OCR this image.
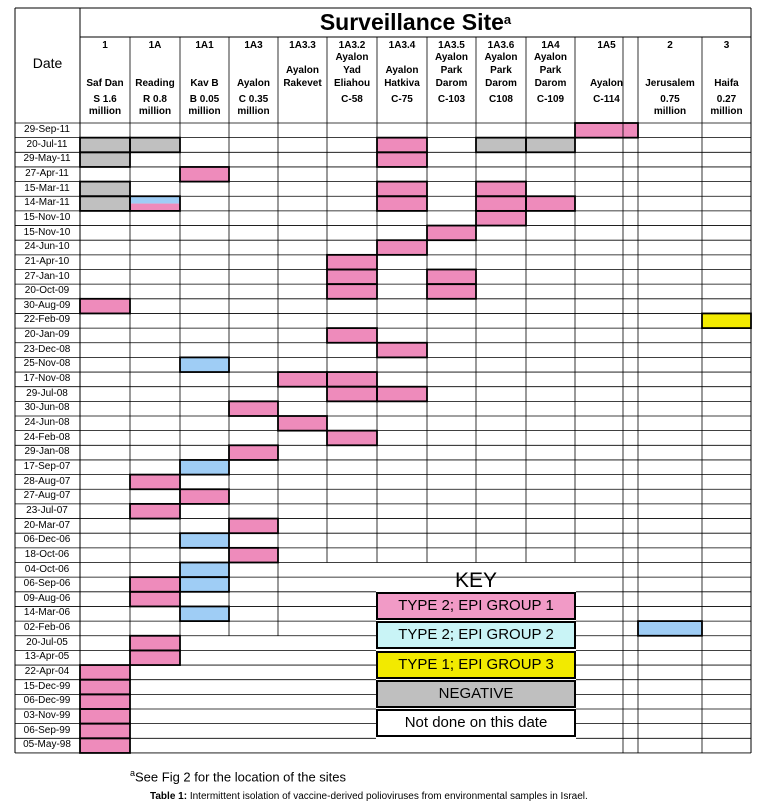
Surveillance Site$^a$
Date
1

Saf Dan
S 1.6
million
1A

Reading
R 0.8
million
1A1

Kav B
B 0.05
million
1A3

Ayalon
C 0.35
million
1A3.3
Ayalon
Rakevet
1A3.2
Ayalon
Yad
Eliahou
C-58
1A3.4
Ayalon
Hatkiva
C-75
1A3.5
Ayalon
Park
Darom
C-103
1A3.6
Ayalon
Park
Darom
C108
1A4
Ayalon
Park
Darom
C-109
1A5

Ayalon
C-114
2

Jerusalem
0.75
million
3

Haifa
0.27
million
29-Sep-11
20-Jul-11
29-May-11
27-Apr-11
15-Mar-11
14-Mar-11
15-Nov-10
15-Nov-10
24-Jun-10
21-Apr-10
27-Jan-10
20-Oct-09
30-Aug-09
22-Feb-09
20-Jan-09
23-Dec-08
25-Nov-08
17-Nov-08
29-Jul-08
30-Jun-08
24-Jun-08
24-Feb-08
29-Jan-08
17-Sep-07
28-Aug-07
27-Aug-07
23-Jul-07
20-Mar-07
06-Dec-06
18-Oct-06
04-Oct-06
06-Sep-06
09-Aug-06
14-Mar-06
02-Feb-06
20-Jul-05
13-Apr-05
22-Apr-04
15-Dec-99
06-Dec-99
03-Nov-99
06-Sep-99
05-May-98
KEY
TYPE 2; EPI GROUP 1
TYPE 2; EPI GROUP 2
TYPE 1; EPI GROUP 3
NEGATIVE
Not done on this date
$^a$See Fig 2 for the location of the sites
Table 1: Intermittent isolation of vaccine-derived polioviruses from environmental samples in Israel.
